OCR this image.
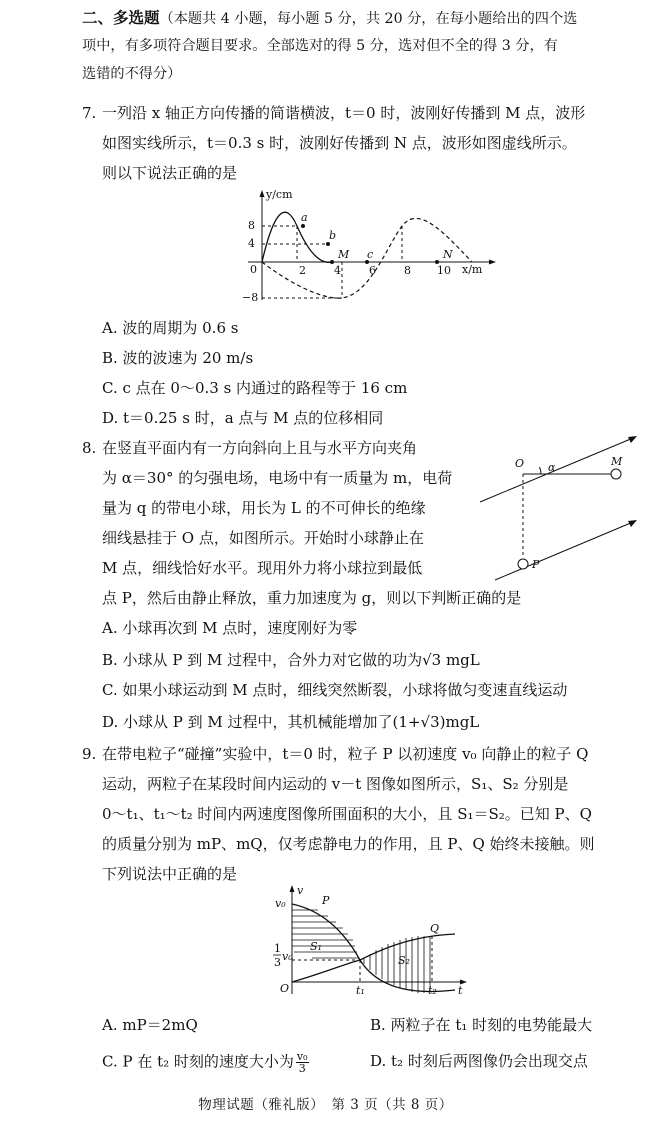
二、多选题（本题共 4 小题，每小题 5 分，共 20 分，在每小题给出的四个选
项中，有多项符合题目要求。全部选对的得 5 分，选对但不全的得 3 分，有
选错的不得分）
7. 一列沿 x 轴正方向传播的简谐横波，t＝0 时，波刚好传播到 M 点，波形
如图实线所示，t＝0.3 s 时，波刚好传播到 N 点，波形如图虚线所示。
则以下说法正确的是
y/cm
x/m
8
4
0
−8
2	4	6	8 10
a
b
M c	N
A. 波的周期为 0.6 s
B. 波的波速为 20 m/s
C. c 点在 0～0.3 s 内通过的路程等于 16 cm
D. t＝0.25 s 时，a 点与 M 点的位移相同
8. 在竖直平面内有一方向斜向上且与水平方向夹角
为 α＝30° 的匀强电场，电场中有一质量为 m，电荷
量为 q 的带电小球，用长为 L 的不可伸长的绝缘
细线悬挂于 O 点，如图所示。开始时小球静止在
M 点，细线恰好水平。现用外力将小球拉到最低
点 P，然后由静止释放，重力加速度为 g，则以下判断正确的是
O α	M
P
A. 小球再次到 M 点时，速度刚好为零
B. 小球从 P 到 M 过程中，合外力对它做的功为√3 mgL
C. 如果小球运动到 M 点时，细线突然断裂，小球将做匀变速直线运动
D. 小球从 P 到 M 过程中，其机械能增加了(1+√3)mgL
9. 在带电粒子“碰撞”实验中，t＝0 时，粒子 P 以初速度 v₀ 向静止的粒子 Q
运动，两粒子在某段时间内运动的 v－t 图像如图所示，S₁、S₂ 分别是
0～t₁、t₁～t₂ 时间内两速度图像所围面积的大小，且 S₁＝S₂。已知 P、Q
的质量分别为 mP、mQ，仅考虑静电力的作用，且 P、Q 始终未接触。则
下列说法中正确的是
v
t
v₀
1
3 v₀
O	t₁	t₂
P
Q
S₁
S₂
A. mP＝2mQ	B. 两粒子在 t₁ 时刻的电势能最大
C. P 在 t₂ 时刻的速度大小为 $\frac{\text{v₀}}{3}$	D. t₂ 时刻后两图像仍会出现交点
物理试题（雅礼版）　第 3 页（共 8 页）
